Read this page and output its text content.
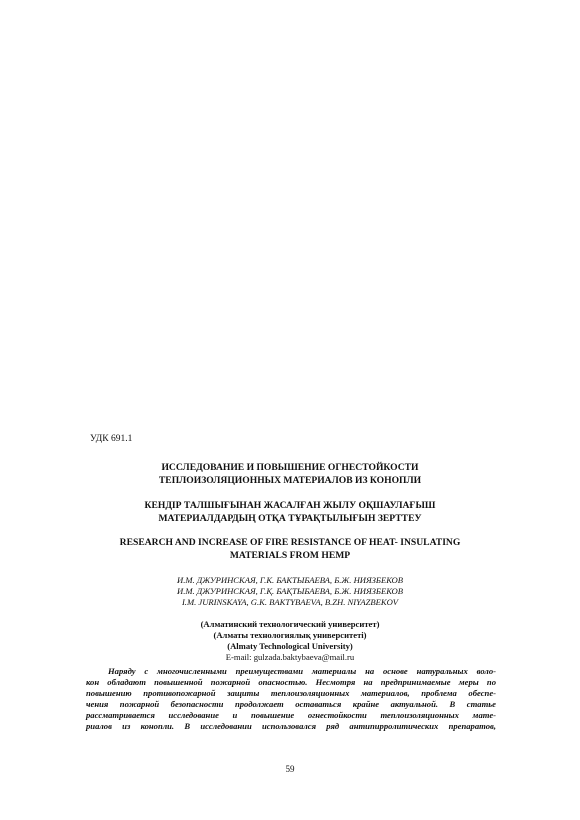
УДК 691.1
ИССЛЕДОВАНИЕ И ПОВЫШЕНИЕ ОГНЕСТОЙКОСТИ
ТЕПЛОИЗОЛЯЦИОННЫХ МАТЕРИАЛОВ ИЗ КОНОПЛИ
КЕНДІР ТАЛШЫҒЫНАН ЖАСАЛҒАН ЖЫЛУ ОҚШАУЛАҒЫШ
МАТЕРИАЛДАРДЫҢ ОТҚА ТҰРАҚТЫЛЫҒЫН ЗЕРТТЕУ
RESEARCH AND INCREASE OF FIRE RESISTANCE OF HEAT- INSULATING
MATERIALS FROM HEMP
И.М. ДЖУРИНСКАЯ, Г.К. БАКТЫБАЕВА, Б.Ж. НИЯЗБЕКОВ
И.М. ДЖУРИНСКАЯ, Г.Қ. БАҚТЫБАЕВА, Б.Ж. НИЯЗБЕКОВ
I.M. JURINSKAYA, G.K. BAKTYBAEVA, B.ZH. NIYAZBEKOV
(Алматинский технологический университет)
(Алматы технологиялық университеті)
(Almaty Technological University)
E-mail: gulzada.baktybaeva@mail.ru
Наряду с многочисленными преимуществами материалы на основе натуральных воло-
кон обладают повышенной пожарной опасностью. Несмотря на предпринимаемые меры по
повышению противопожарной защиты теплоизоляционных материалов, проблема обеспе-
чения пожарной безопасности продолжает оставаться крайне актуальной. В статье
рассматривается исследование и повышение огнестойкости теплоизоляционных мате-
риалов из конопли. В исследовании использовался ряд антипирролитических препаратов,
59
